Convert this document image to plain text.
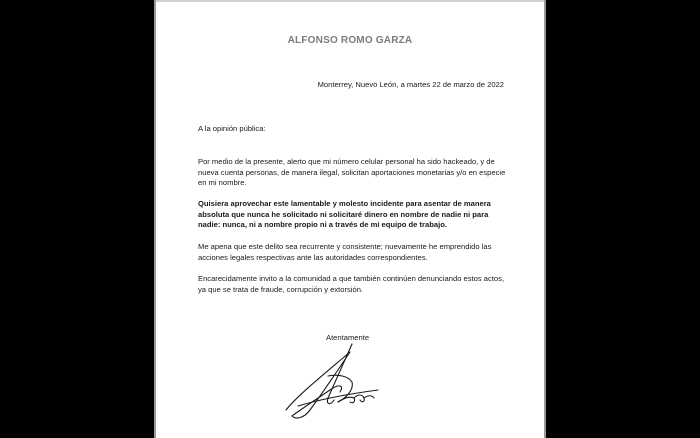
ALFONSO ROMO GARZA
Monterrey, Nuevo León, a martes 22 de marzo de 2022
A la opinión pública:

Por medio de la presente, alerto que mi número celular personal ha sido hackeado, y de nueva cuenta personas, de manera ilegal, solicitan aportaciones monetarias y/o en especie en mi nombre.

Quisiera aprovechar este lamentable y molesto incidente para asentar de manera absoluta que nunca he solicitado ni solicitaré dinero en nombre de nadie ni para nadie: nunca, ni a nombre propio ni a través de mi equipo de trabajo.

Me apena que este delito sea recurrente y consistente; nuevamente he emprendido las acciones legales respectivas ante las autoridades correspondientes.

Encarecidamente invito a la comunidad a que también continúen denunciando estos actos, ya que se trata de fraude, corrupción y extorsión.

Atentamente
